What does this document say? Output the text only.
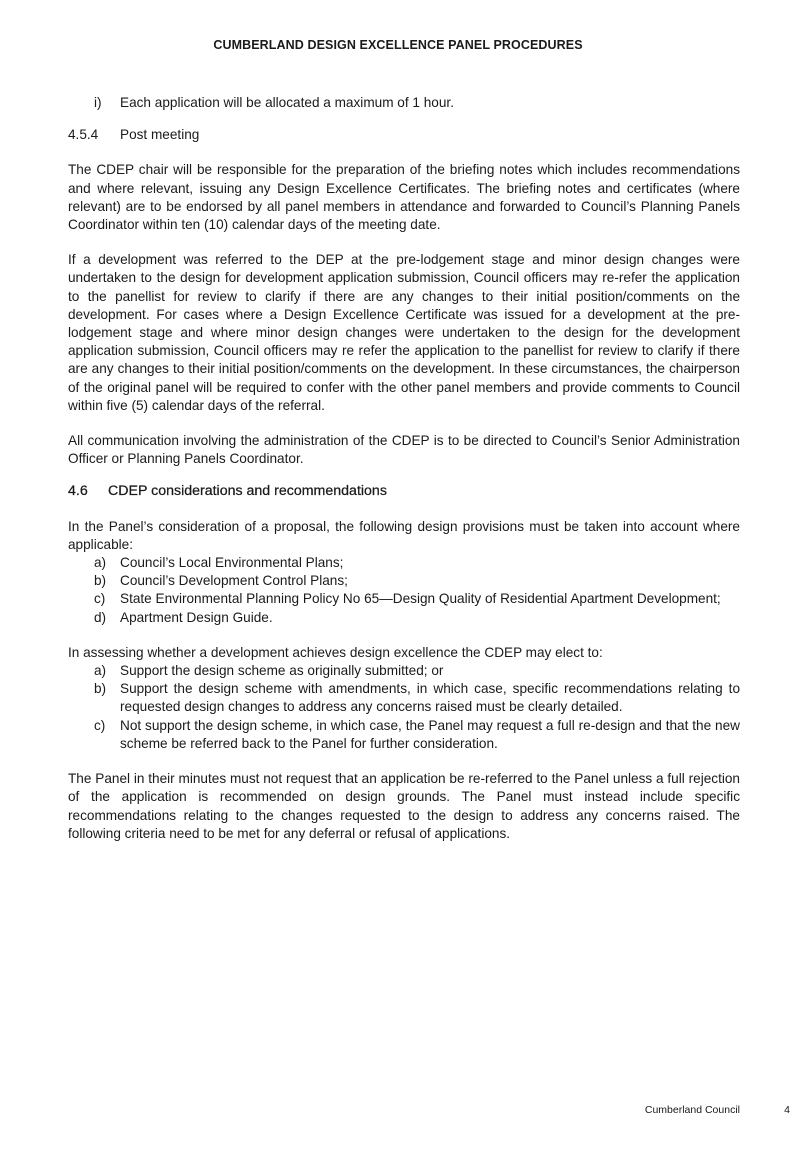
CUMBERLAND DESIGN EXCELLENCE PANEL PROCEDURES
i)	Each application will be allocated a maximum of 1 hour.
4.5.4	Post meeting

The CDEP chair will be responsible for the preparation of the briefing notes which includes recommendations and where relevant, issuing any Design Excellence Certificates. The briefing notes and certificates (where relevant) are to be endorsed by all panel members in attendance and forwarded to Council’s Planning Panels Coordinator within ten (10) calendar days of the meeting date.

If a development was referred to the DEP at the pre-lodgement stage and minor design changes were undertaken to the design for development application submission, Council officers may re-refer the application to the panellist for review to clarify if there are any changes to their initial position/comments on the development. For cases where a Design Excellence Certificate was issued for a development at the pre-lodgement stage and where minor design changes were undertaken to the design for the development application submission, Council officers may re refer the application to the panellist for review to clarify if there are any changes to their initial position/comments on the development. In these circumstances, the chairperson of the original panel will be required to confer with the other panel members and provide comments to Council within five (5) calendar days of the referral.

All communication involving the administration of the CDEP is to be directed to Council’s Senior Administration Officer or Planning Panels Coordinator.

4.6	CDEP considerations and recommendations

In the Panel’s consideration of a proposal, the following design provisions must be taken into account where applicable:

a)	Council’s Local Environmental Plans;
b)	Council’s Development Control Plans;
c)	State Environmental Planning Policy No 65—Design Quality of Residential Apartment Development;
d)	Apartment Design Guide.

In assessing whether a development achieves design excellence the CDEP may elect to:

a)	Support the design scheme as originally submitted; or
b)	Support the design scheme with amendments, in which case, specific recommendations relating to requested design changes to address any concerns raised must be clearly detailed.
c)	Not support the design scheme, in which case, the Panel may request a full re-design and that the new scheme be referred back to the Panel for further consideration.

The Panel in their minutes must not request that an application be re-referred to the Panel unless a full rejection of the application is recommended on design grounds. The Panel must instead include specific recommendations relating to the changes requested to the design to address any concerns raised. The following criteria need to be met for any deferral or refusal of applications.

Cumberland Council	4
